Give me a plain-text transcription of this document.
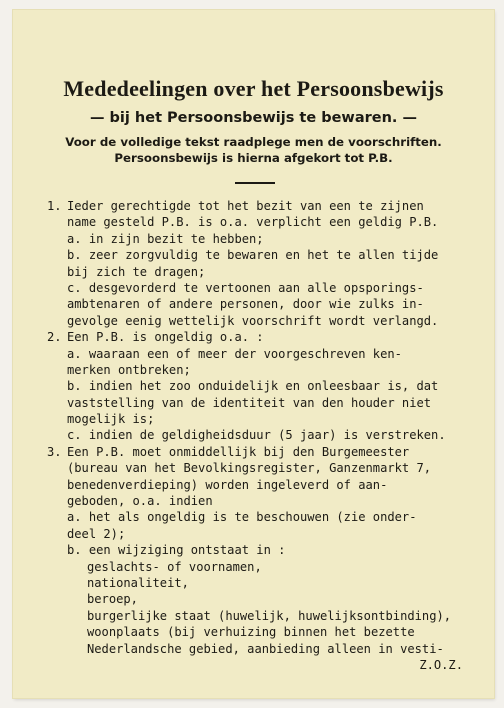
Mededeelingen over het Persoonsbewijs
— bij het Persoonsbewijs te bewaren. —
Voor de volledige tekst raadplege men de voorschriften.
Persoonsbewijs is hierna afgekort tot P.B.
1. Ieder gerechtigde tot het bezit van een te zijnen
name gesteld P.B. is o.a. verplicht een geldig P.B.
a. in zijn bezit te hebben;
b. zeer zorgvuldig te bewaren en het te allen tijde
bij zich te dragen;
c. desgevorderd te vertoonen aan alle opsporings-
ambtenaren of andere personen, door wie zulks in-
gevolge eenig wettelijk voorschrift wordt verlangd.
2. Een P.B. is ongeldig o.a. :
a. waaraan een of meer der voorgeschreven ken-
merken ontbreken;
b. indien het zoo onduidelijk en onleesbaar is, dat
vaststelling van de identiteit van den houder niet
mogelijk is;
c. indien de geldigheidsduur (5 jaar) is verstreken.
3. Een P.B. moet onmiddellijk bij den Burgemeester
(bureau van het Bevolkingsregister, Ganzenmarkt 7,
benedenverdieping) worden ingeleverd of aan-
geboden, o.a. indien
a. het als ongeldig is te beschouwen (zie onder-
deel 2);
b. een wijziging ontstaat in :
geslachts- of voornamen,
nationaliteit,
beroep,
burgerlijke staat (huwelijk, huwelijksontbinding),
woonplaats (bij verhuizing binnen het bezette
Nederlandsche gebied, aanbieding alleen in vesti-
Z.O.Z.
